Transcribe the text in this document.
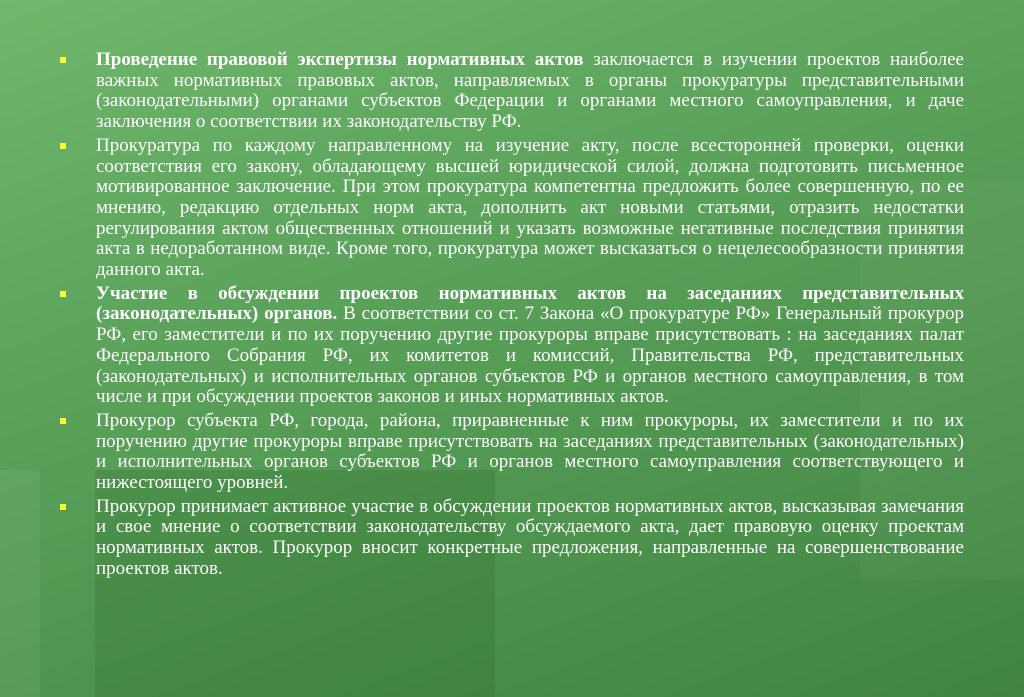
Проведение правовой экспертизы нормативных актов заключается в изучении проектов наиболее важных нормативных правовых актов, направляемых в органы прокуратуры представительными (законодательными) органами субъектов Федерации и органами местного самоуправления, и даче заключения о соответствии их законодательству РФ.
Прокуратура по каждому направленному на изучение акту, после всесторонней проверки, оценки соответствия его закону, обладающему высшей юридической силой, должна подготовить письменное мотивированное заключение. При этом прокуратура компетентна предложить более совершенную, по ее мнению, редакцию отдельных норм акта, дополнить акт новыми статьями, отразить недостатки регулирования актом общественных отношений и указать возможные негативные последствия принятия акта в недоработанном виде. Кроме того, прокуратура может высказаться о нецелесообразности принятия данного акта.
Участие в обсуждении проектов нормативных актов на заседаниях представительных (законодательных) органов. В соответствии со ст. 7 Закона «О прокуратуре РФ» Генеральный прокурор РФ, его заместители и по их поручению другие прокуроры вправе присутствовать : на заседаниях палат Федерального Собрания РФ, их комитетов и комиссий, Правительства РФ, представительных (законодательных) и исполнительных органов субъектов РФ и органов местного самоуправления, в том числе и при обсуждении проектов законов и иных нормативных актов.
Прокурор субъекта РФ, города, района, приравненные к ним прокуроры, их заместители и по их поручению другие прокуроры вправе присутствовать на заседаниях представительных (законодательных) и исполнительных органов субъектов РФ и органов местного самоуправления соответствующего и нижестоящего уровней.
Прокурор принимает активное участие в обсуждении проектов нормативных актов, высказывая замечания и свое мнение о соответствии законодательству обсуждаемого акта, дает правовую оценку проектам нормативных актов. Прокурор вносит конкретные предложения, направленные на совершенствование проектов актов.
